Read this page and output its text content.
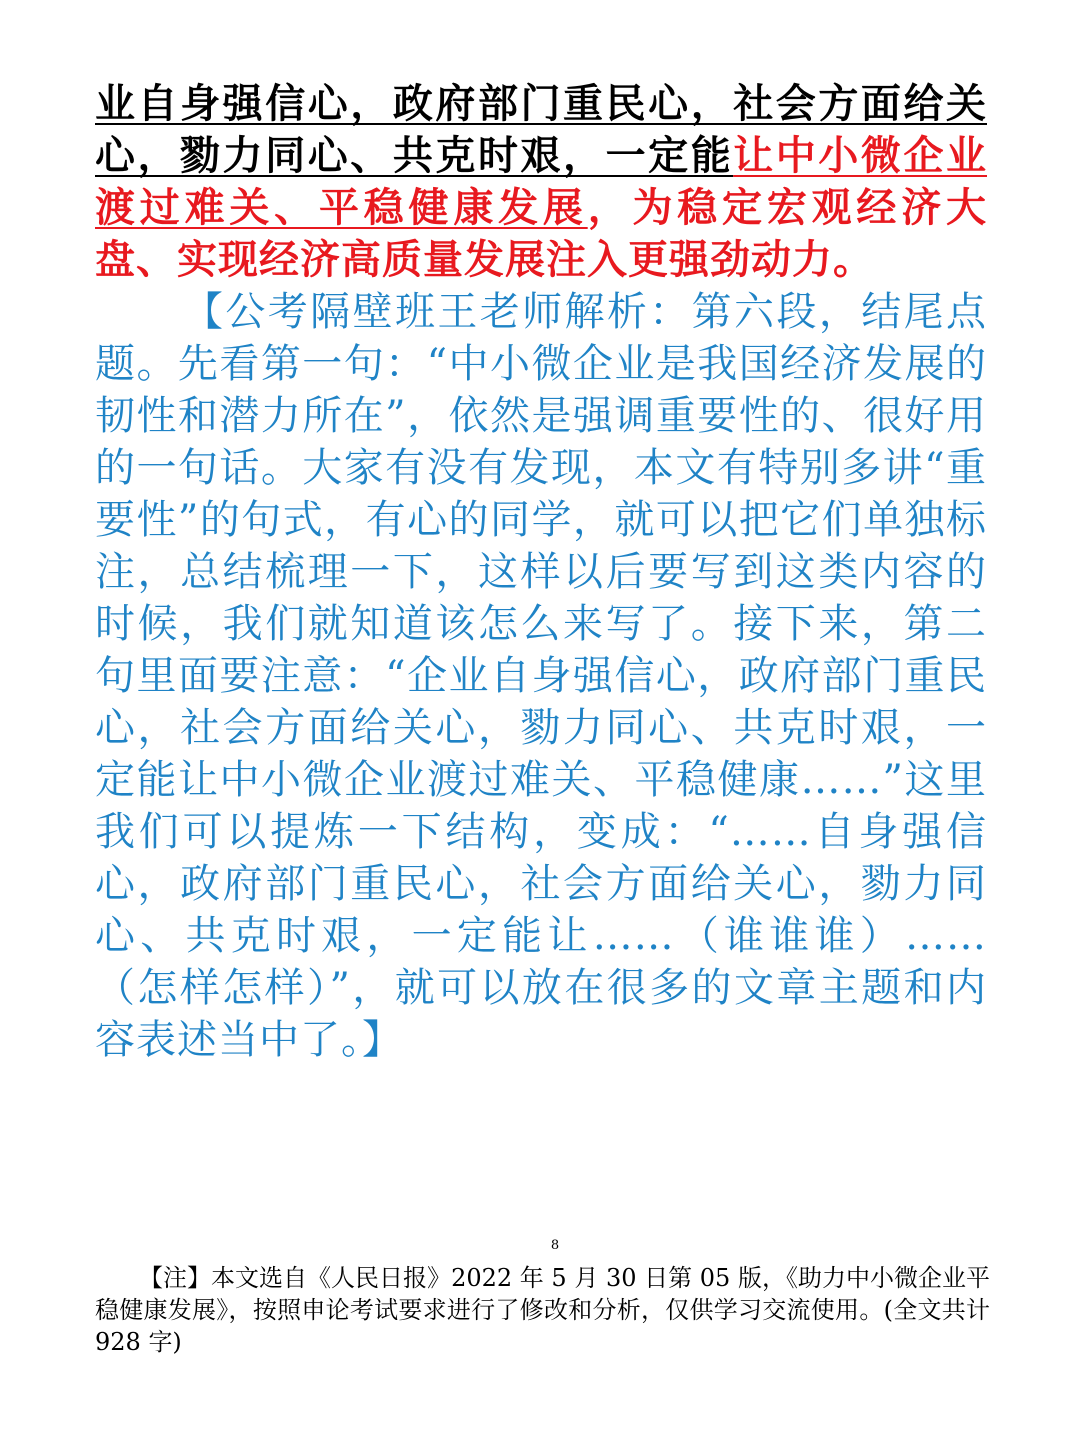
业自身强信心，政府部门重民心，社会方面给关心，勠力同心、共克时艰，一定能让中小微企业渡过难关、平稳健康发展，为稳定宏观经济大盘、实现经济高质量发展注入更强劲动力。

【公考隔壁班王老师解析：第六段，结尾点题。先看第一句：“中小微企业是我国经济发展的韧性和潜力所在”，依然是强调重要性的、很好用的一句话。大家有没有发现，本文有特别多讲“重要性”的句式，有心的同学，就可以把它们单独标注，总结梳理一下，这样以后要写到这类内容的时候，我们就知道该怎么来写了。接下来，第二句里面要注意：“企业自身强信心，政府部门重民心，社会方面给关心，勠力同心、共克时艰，一定能让中小微企业渡过难关、平稳健康……”这里我们可以提炼一下结构，变成：“……自身强信心，政府部门重民心，社会方面给关心，勠力同心、共克时艰，一定能让……（谁谁谁）……（怎样怎样）”，就可以放在很多的文章主题和内容表述当中了。】

8

【注】本文选自《人民日报》2022 年 5 月 30 日第 05 版，《助力中小微企业平稳健康发展》，按照申论考试要求进行了修改和分析，仅供学习交流使用。(全文共计 928 字)
